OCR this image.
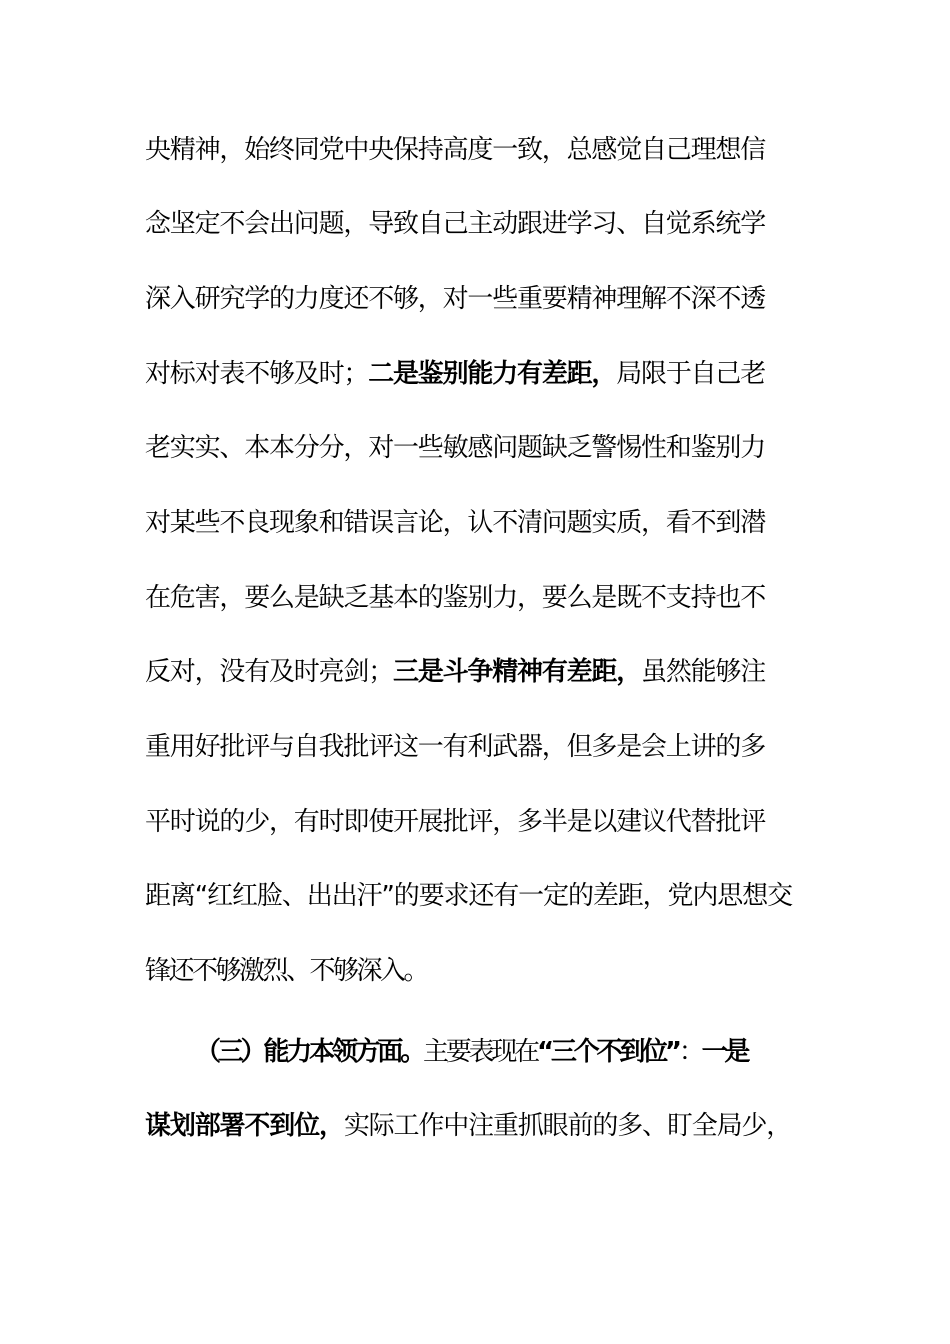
央精神，始终同党中央保持高度一致，总感觉自己理想信
念坚定不会出问题，导致自己主动跟进学习、自觉系统学
深入研究学的力度还不够，对一些重要精神理解不深不透
对标对表不够及时；二是鉴别能力有差距，局限于自己老
老实实、本本分分，对一些敏感问题缺乏警惕性和鉴别力
对某些不良现象和错误言论，认不清问题实质，看不到潜
在危害，要么是缺乏基本的鉴别力，要么是既不支持也不
反对，没有及时亮剑；三是斗争精神有差距，虽然能够注
重用好批评与自我批评这一有利武器，但多是会上讲的多
平时说的少，有时即使开展批评，多半是以建议代替批评
距离“红红脸、出出汗”的要求还有一定的差距，党内思想交
锋还不够激烈、不够深入。
（三）能力本领方面。主要表现在“三个不到位”：一是
谋划部署不到位，实际工作中注重抓眼前的多、盯全局少，
